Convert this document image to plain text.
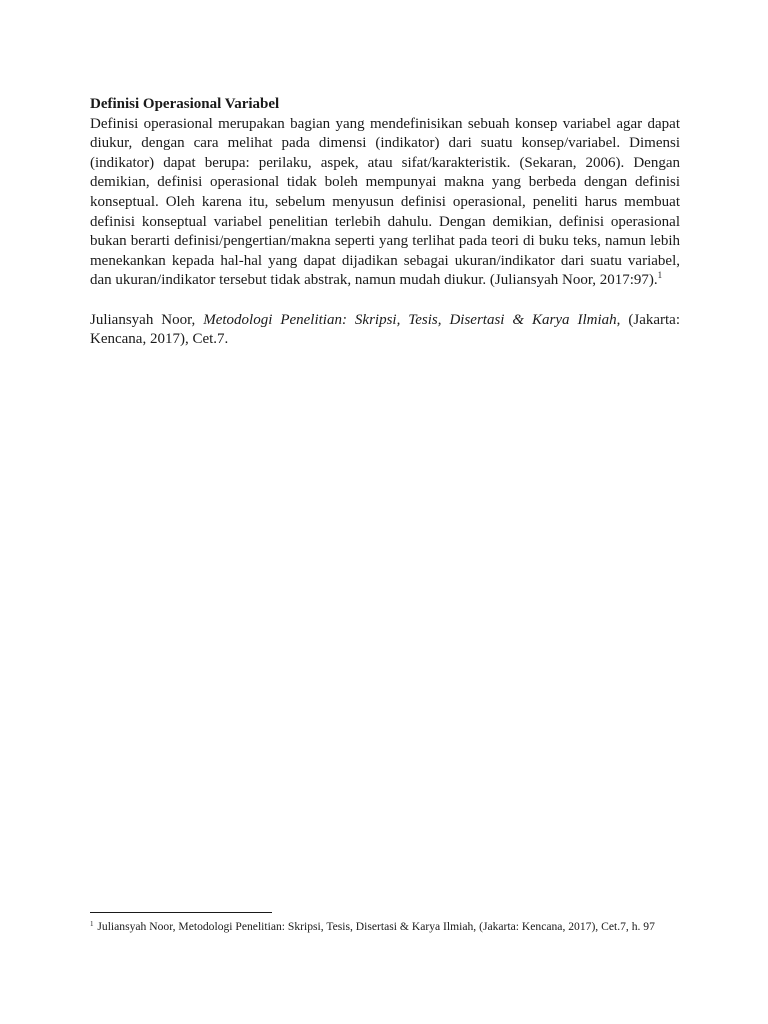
Definisi Operasional Variabel

Definisi operasional merupakan bagian yang mendefinisikan sebuah konsep variabel agar dapat diukur, dengan cara melihat pada dimensi (indikator) dari suatu konsep/variabel. Dimensi (indikator) dapat berupa: perilaku, aspek, atau sifat/karakteristik. (Sekaran, 2006). Dengan demikian, definisi operasional tidak boleh mempunyai makna yang berbeda dengan definisi konseptual. Oleh karena itu, sebelum menyusun definisi operasional, peneliti harus membuat definisi konseptual variabel penelitian terlebih dahulu. Dengan demikian, definisi operasional bukan berarti definisi/pengertian/makna seperti yang terlihat pada teori di buku teks, namun lebih menekankan kepada hal-hal yang dapat dijadikan sebagai ukuran/indikator dari suatu variabel, dan ukuran/indikator tersebut tidak abstrak, namun mudah diukur. (Juliansyah Noor, 2017:97).$^1$

Juliansyah Noor, Metodologi Penelitian: Skripsi, Tesis, Disertasi & Karya Ilmiah, (Jakarta: Kencana, 2017), Cet.7.

$^1$ Juliansyah Noor, Metodologi Penelitian: Skripsi, Tesis, Disertasi & Karya Ilmiah, (Jakarta: Kencana, 2017), Cet.7, h. 97
